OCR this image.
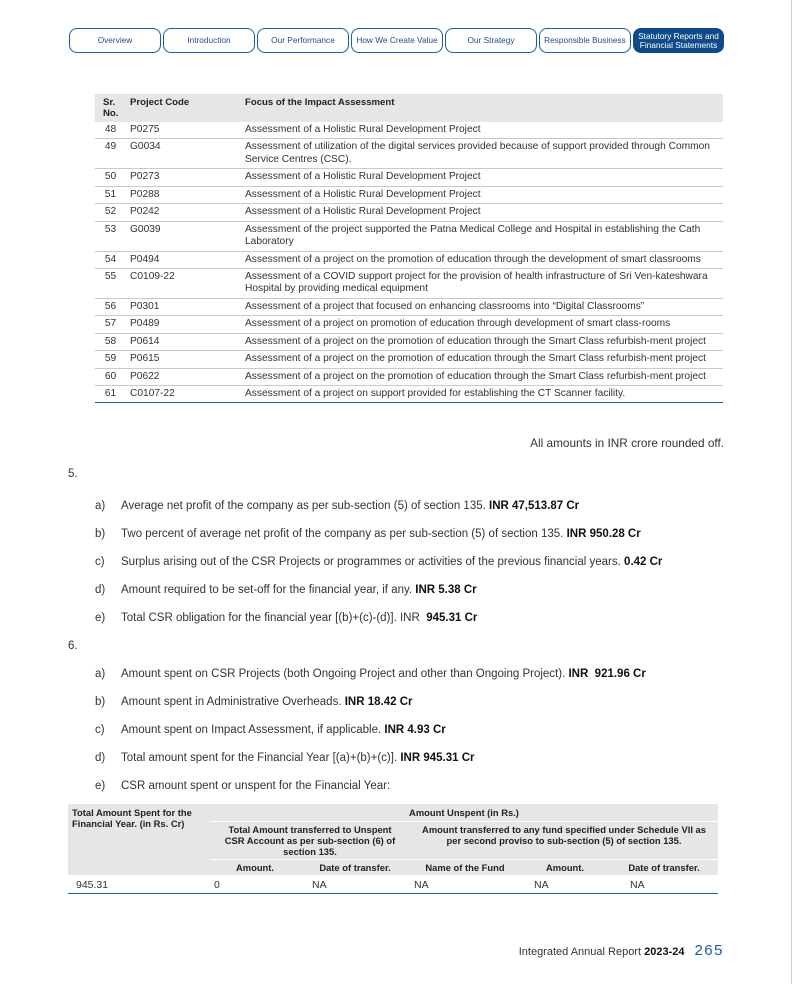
Overview	Introduction	Our Performance	How We Create Value	Our Strategy	Responsible Business	Statutory Reports and Financial Statements
Sr. No.	Project Code	Focus of the Impact Assessment
48	P0275	Assessment of a Holistic Rural Development Project
49	G0034	Assessment of utilization of the digital services provided because of support provided through Common Service Centres (CSC).
50	P0273	Assessment of a Holistic Rural Development Project
51	P0288	Assessment of a Holistic Rural Development Project
52	P0242	Assessment of a Holistic Rural Development Project
53	G0039	Assessment of the project supported the Patna Medical College and Hospital in establishing the Cath Laboratory
54	P0494	Assessment of a project on the promotion of education through the development of smart classrooms
55	C0109-22	Assessment of a COVID support project for the provision of health infrastructure of Sri Ven-kateshwara Hospital by providing medical equipment
56	P0301	Assessment of a project that focused on enhancing classrooms into “Digital Classrooms”
57	P0489	Assessment of a project on promotion of education through development of smart class-rooms
58	P0614	Assessment of a project on the promotion of education through the Smart Class refurbish-ment project
59	P0615	Assessment of a project on the promotion of education through the Smart Class refurbish-ment project
60	P0622	Assessment of a project on the promotion of education through the Smart Class refurbish-ment project
61	C0107-22	Assessment of a project on support provided for establishing the CT Scanner facility.
All amounts in INR crore rounded off.
5.
a) Average net profit of the company as per sub-section (5) of section 135. INR 47,513.87 Cr
b) Two percent of average net profit of the company as per sub-section (5) of section 135. INR 950.28 Cr
c) Surplus arising out of the CSR Projects or programmes or activities of the previous financial years. 0.42 Cr
d) Amount required to be set-off for the financial year, if any. INR 5.38 Cr
e) Total CSR obligation for the financial year [(b)+(c)-(d)]. INR  945.31 Cr
6.
a) Amount spent on CSR Projects (both Ongoing Project and other than Ongoing Project). INR  921.96 Cr
b) Amount spent in Administrative Overheads. INR 18.42 Cr
c) Amount spent on Impact Assessment, if applicable. INR 4.93 Cr
d) Total amount spent for the Financial Year [(a)+(b)+(c)]. INR 945.31 Cr
e) CSR amount spent or unspent for the Financial Year:
Total Amount Spent for the Financial Year. (in Rs. Cr)	Amount Unspent (in Rs.)				
	Total Amount transferred to Unspent CSR Account as per sub-section (6) of section 135.		Amount transferred to any fund specified under Schedule VII as per second proviso to sub-section (5) of section 135.		
	Amount.	Date of transfer.	Name of the Fund	Amount.	Date of transfer.
945.31	0	NA	NA	NA	NA
Integrated Annual Report 2023-24 265
